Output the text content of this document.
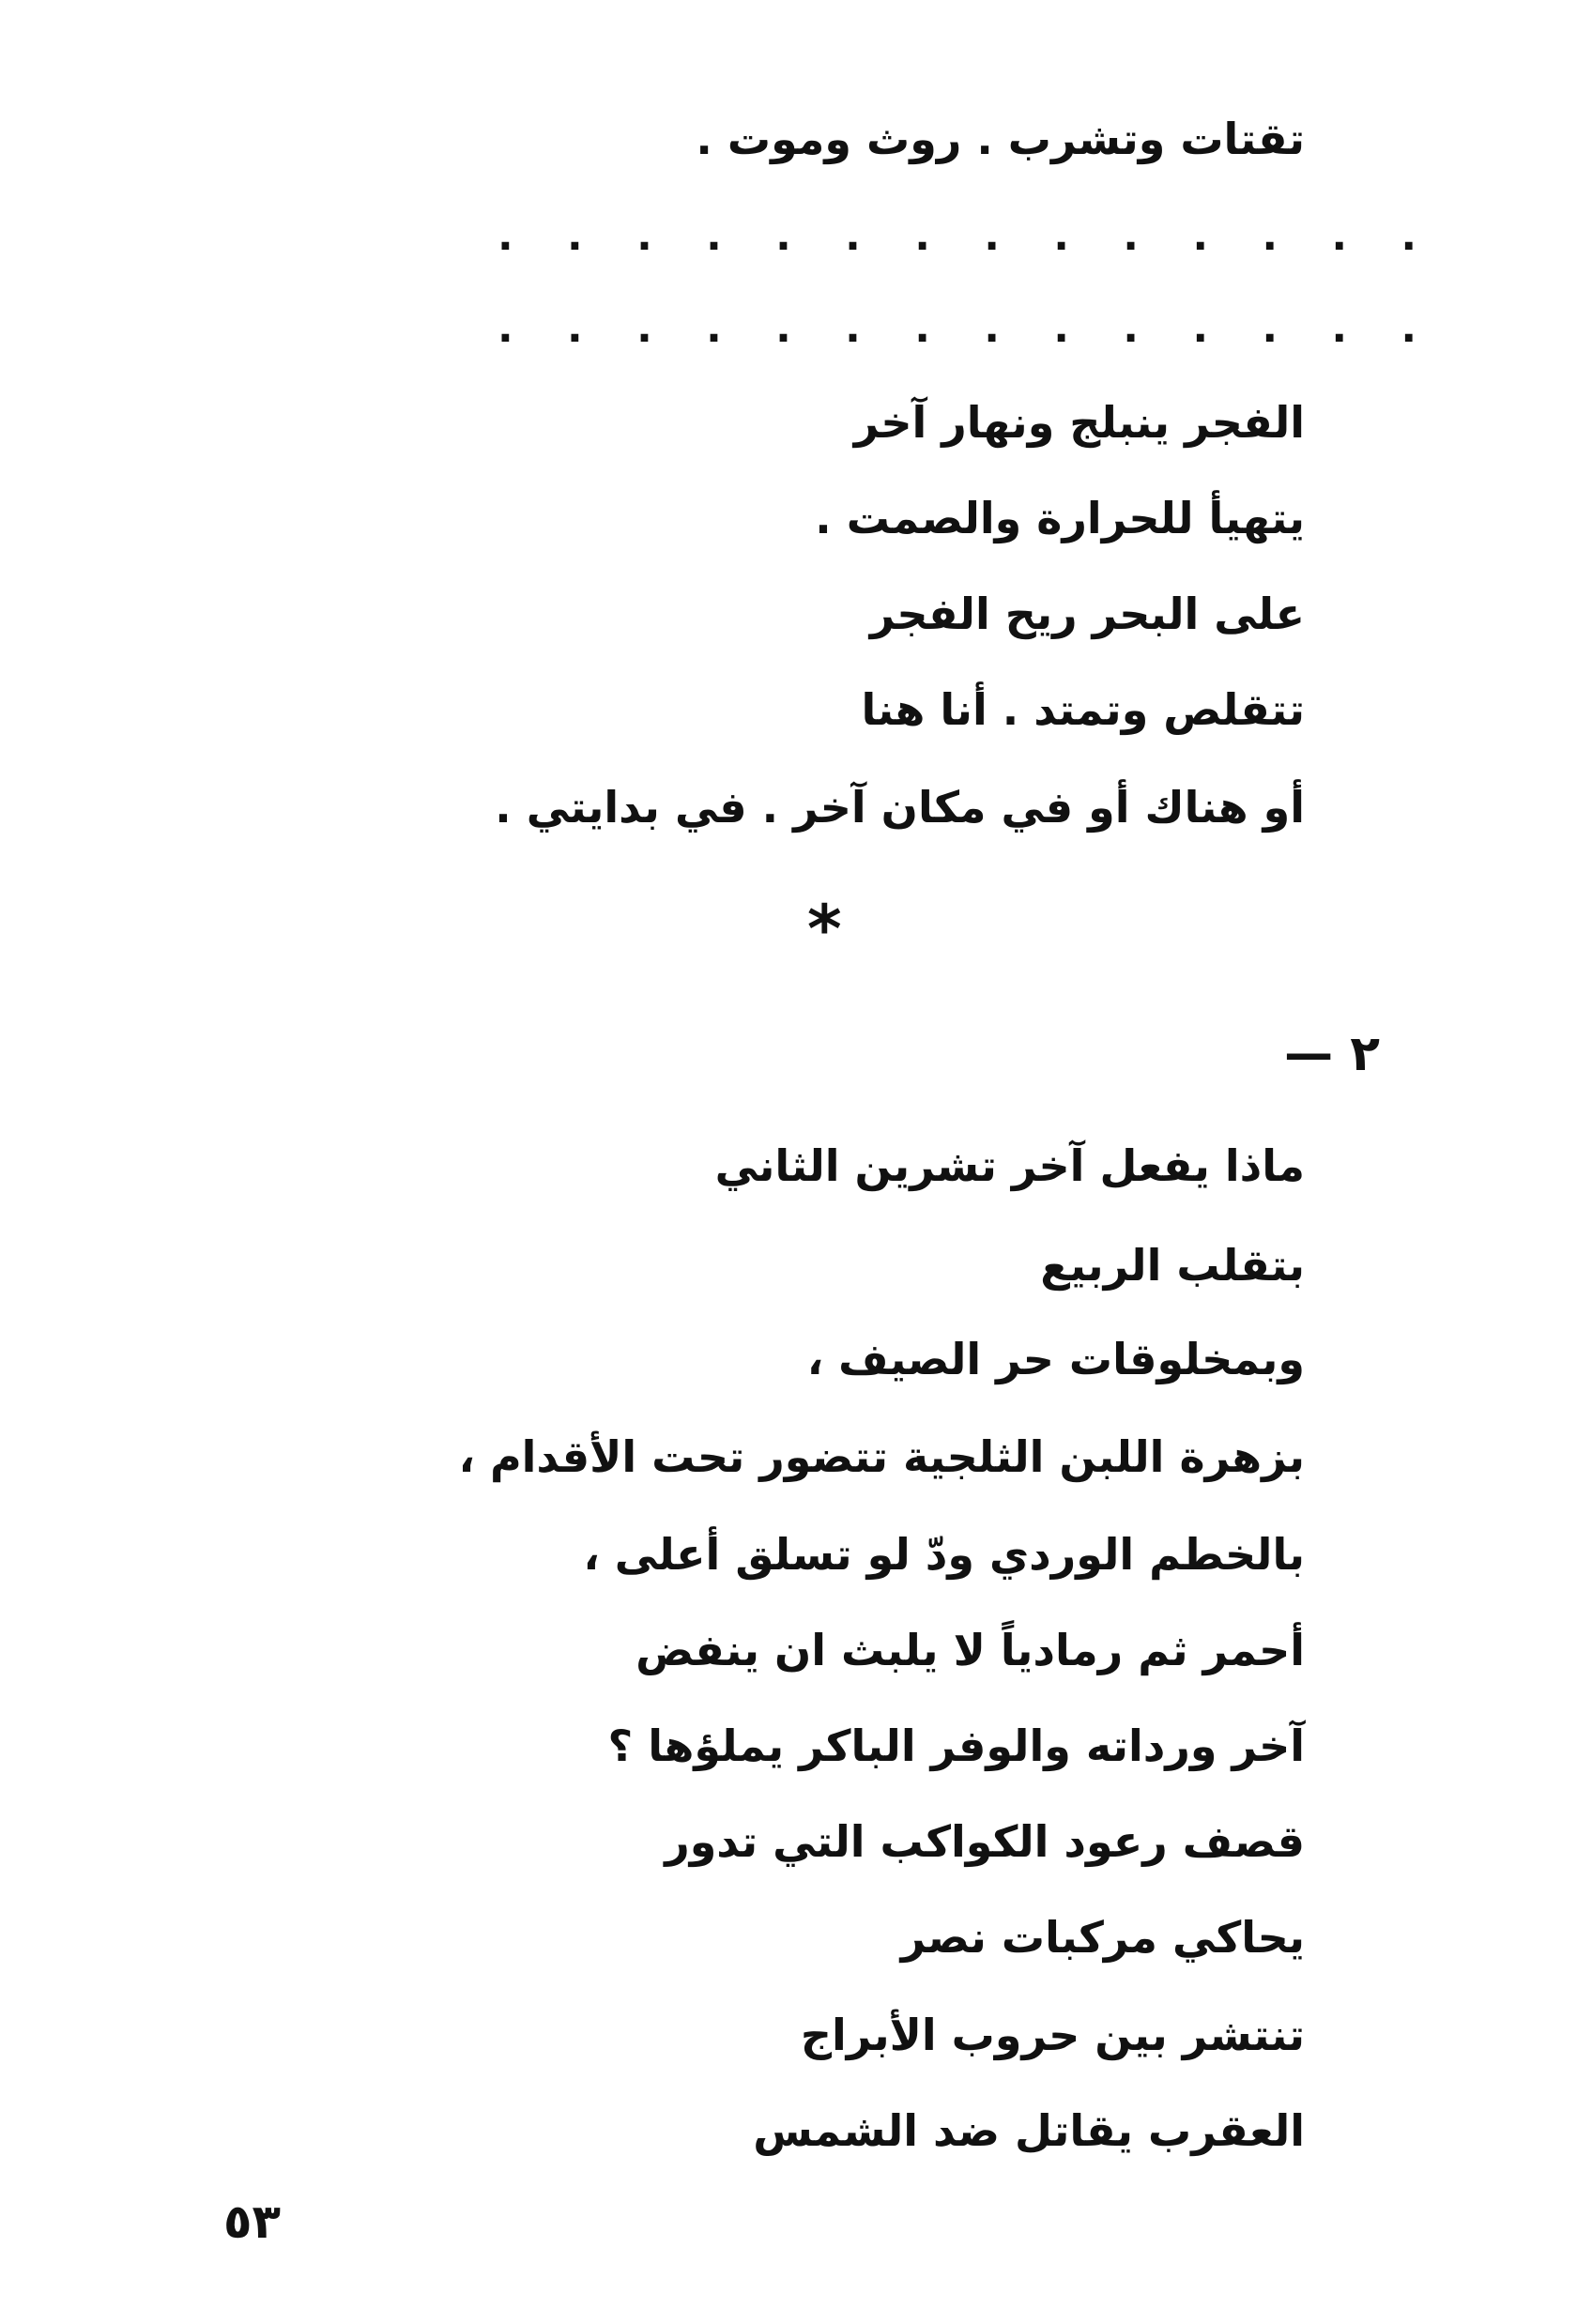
تقتات وتشرب . روث وموت .
. . . . . . . . . . . . . .
. . . . . . . . . . . . . .
الفجر ينبلج ونهار آخر
يتهيأ للحرارة والصمت .
على البحر ريح الفجر
تتقلص وتمتد . أنا هنا
أو هناك أو في مكان آخر . في بدايتي .
*
٢ —
ماذا يفعل آخر تشرين الثاني
بتقلب الربيع
وبمخلوقات حر الصيف ،
بزهرة اللبن الثلجية تتضور تحت الأقدام ،
بالخطم الوردي ودّ لو تسلق أعلى ،
أحمر ثم رمادياً لا يلبث ان ينفض
آخر ورداته والوفر الباكر يملؤها ؟
قصف رعود الكواكب التي تدور
يحاكي مركبات نصر
تنتشر بين حروب الأبراج
العقرب يقاتل ضد الشمس
٥٣
